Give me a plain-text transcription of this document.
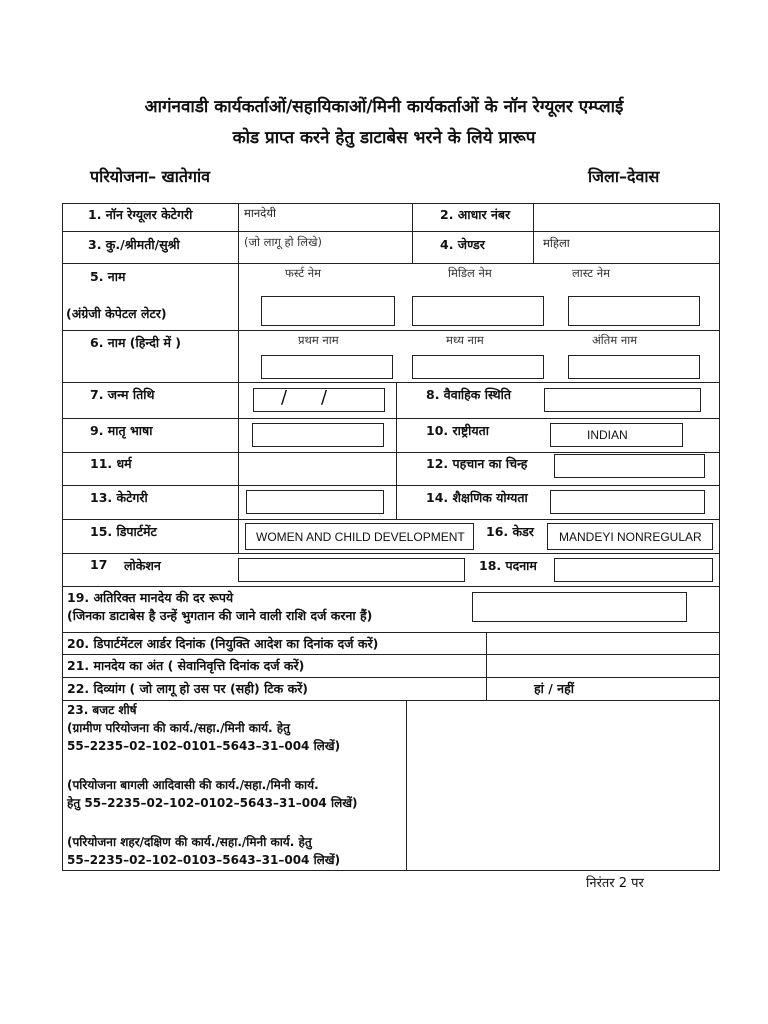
आगंनवाडी कार्यकर्ताओं/सहायिकाओं/मिनी कार्यकर्ताओं के नॉन रेग्यूलर एम्प्लाई
कोड प्राप्त करने हेतु डाटाबेस भरने के लिये प्रारूप
परियोजना– खातेगांव	जिला–देवास
1. नॉन रेग्यूलर केटेगरी	मानदेयी	2. आधार नंबर
3. कु./श्रीमती/सुश्री	(जो लागू हो लिखे)	4. जेण्डर	महिला
5. नाम
(अंग्रेजी केपेटल लेटर)
फर्स्ट नेम	मिडिल नेम	लास्ट नेम
6. नाम (हिन्दी में )	प्रथम नाम	मध्य नाम	अंतिम नाम
7. जन्म तिथि	/ /	8. वैवाहिक स्थिति
9. मातृ भाषा	10. राष्ट्रीयता	INDIAN
11. धर्म	12. पहचान का चिन्ह
13. केटेगरी	14. शैक्षणिक योग्यता
15. डिपार्टमेंट	WOMEN AND CHILD DEVELOPMENT	16. केडर	MANDEYI NONREGULAR
17 लोकेशन	18. पदनाम
19. अतिरिक्त मानदेय की दर रूपये
(जिनका डाटाबेस है उन्हें भुगतान की जाने वाली राशि दर्ज करना हैं)
20. डिपार्टमेंटल आर्डर दिनांक (नियुक्ति आदेश का दिनांक दर्ज करें)
21. मानदेय का अंत ( सेवानिवृत्ति दिनांक दर्ज करें)
22. दिव्यांग ( जो लागू हो उस पर (सही) टिक करें)	हां / नहीं
23. बजट शीर्ष
(ग्रामीण परियोजना की कार्य./सहा./मिनी कार्य. हेतु
55–2235–02–102–0101–5643–31–004 लिखें)
(परियोजना बागली आदिवासी की कार्य./सहा./मिनी कार्य.
हेतु 55–2235–02–102–0102–5643–31–004 लिखें)
(परियोजना शहर/दक्षिण की कार्य./सहा./मिनी कार्य. हेतु
55–2235–02–102–0103–5643–31–004 लिखें)
निरंतर 2 पर
